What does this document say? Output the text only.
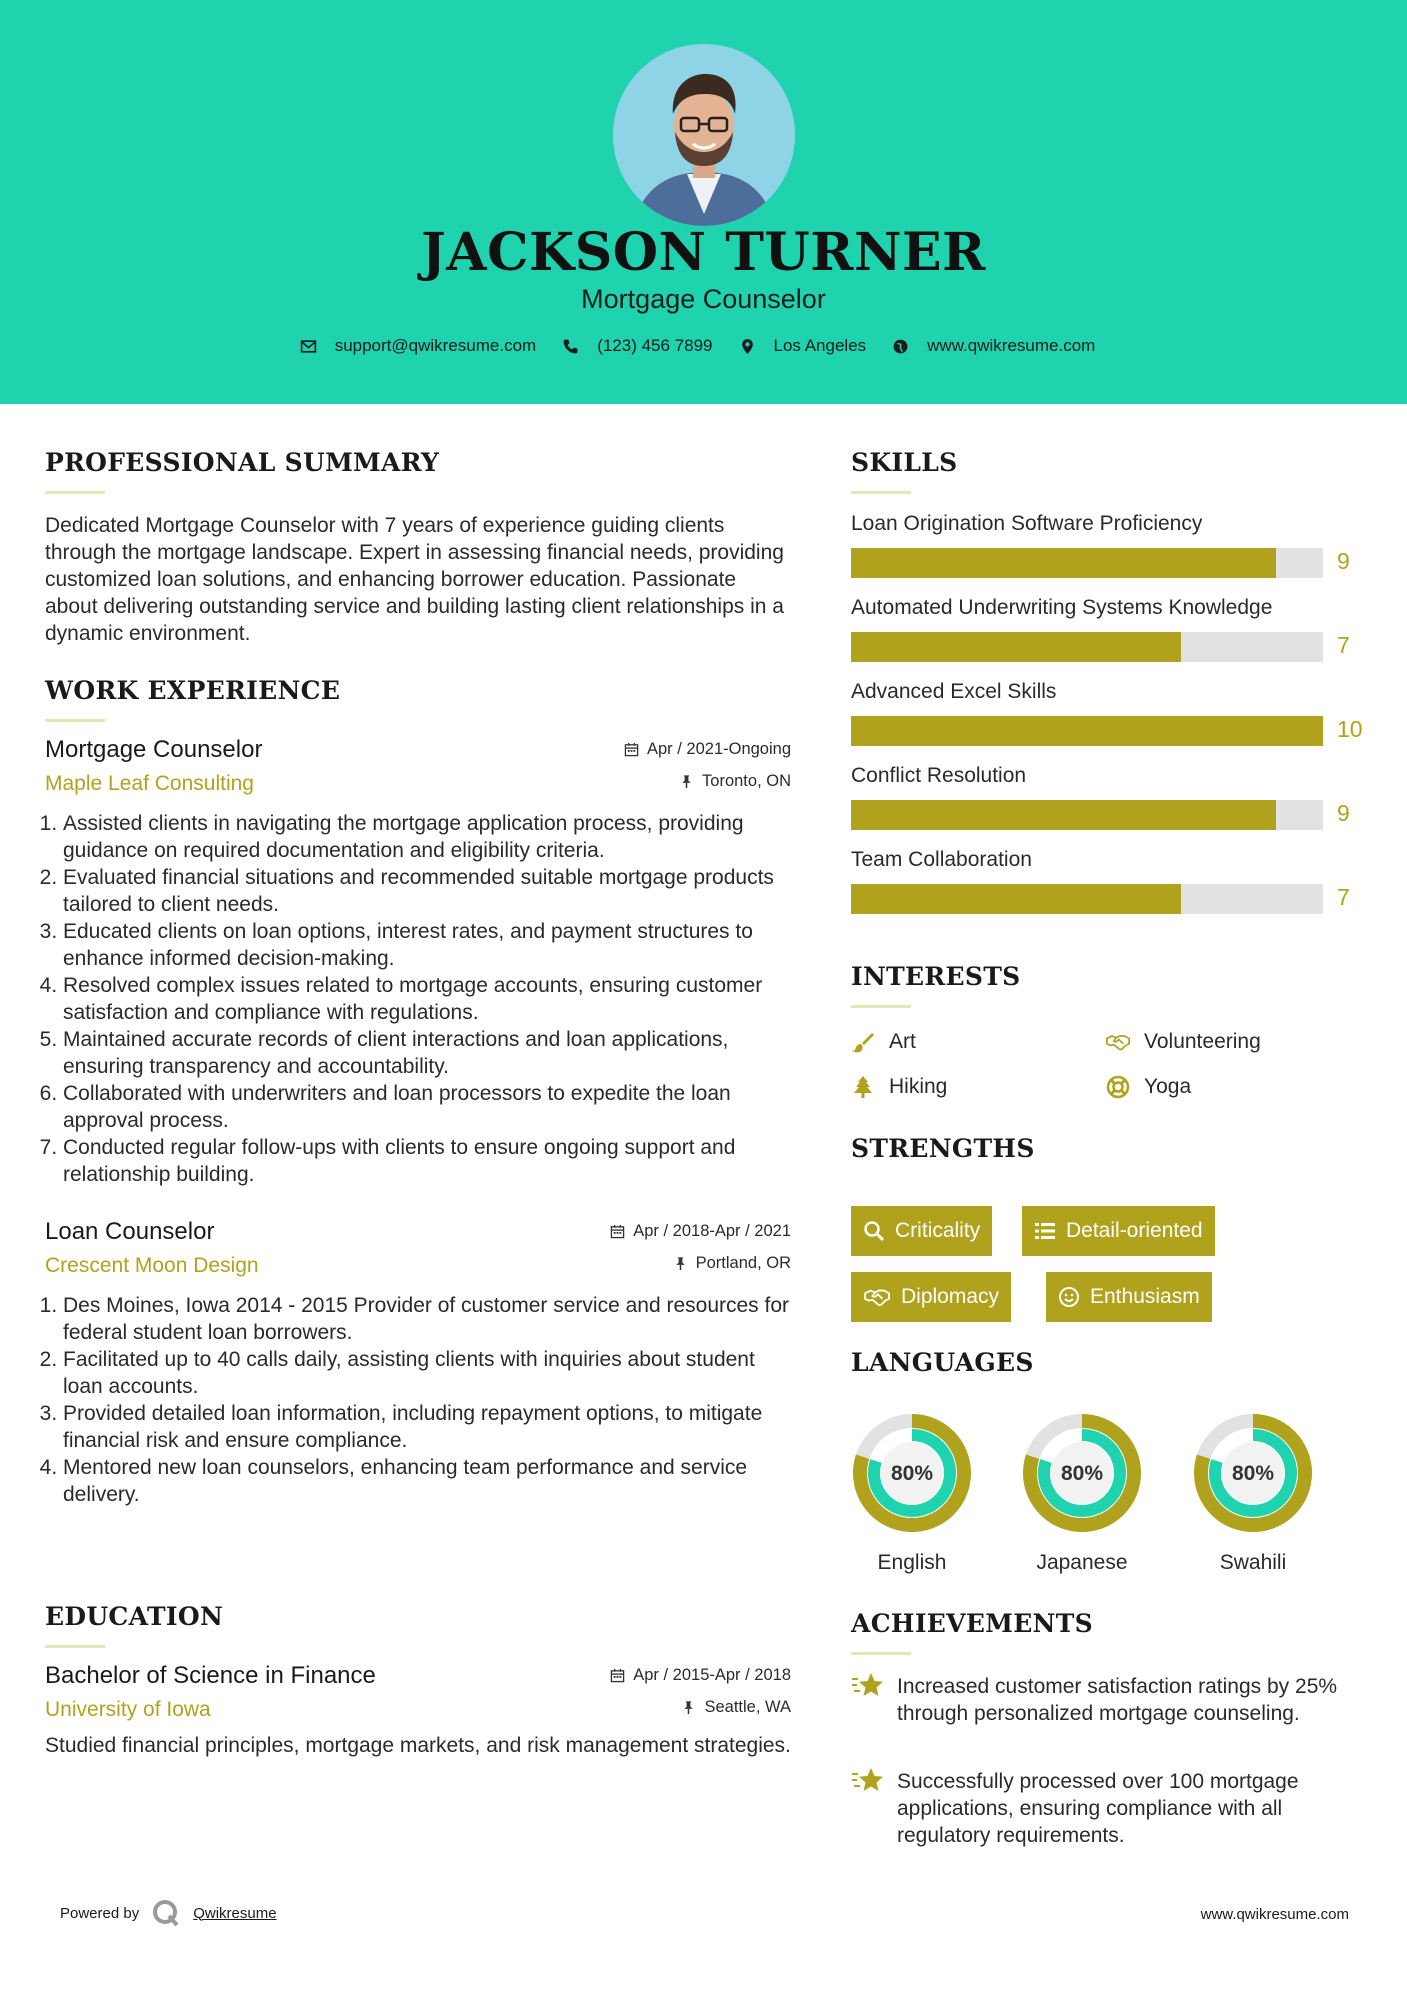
JACKSON TURNER
Mortgage Counselor
support@qwikresume.com	(123) 456 7899	Los Angeles	www.qwikresume.com
PROFESSIONAL SUMMARY
Dedicated Mortgage Counselor with 7 years of experience guiding clients through the mortgage landscape. Expert in assessing financial needs, providing customized loan solutions, and enhancing borrower education. Passionate about delivering outstanding service and building lasting client relationships in a dynamic environment.
WORK EXPERIENCE
Mortgage Counselor	Apr / 2021-Ongoing
Maple Leaf Consulting	Toronto, ON
1. Assisted clients in navigating the mortgage application process, providing guidance on required documentation and eligibility criteria.
2. Evaluated financial situations and recommended suitable mortgage products tailored to client needs.
3. Educated clients on loan options, interest rates, and payment structures to enhance informed decision-making.
4. Resolved complex issues related to mortgage accounts, ensuring customer satisfaction and compliance with regulations.
5. Maintained accurate records of client interactions and loan applications, ensuring transparency and accountability.
6. Collaborated with underwriters and loan processors to expedite the loan approval process.
7. Conducted regular follow-ups with clients to ensure ongoing support and relationship building.
Loan Counselor	Apr / 2018-Apr / 2021
Crescent Moon Design	Portland, OR
1. Des Moines, Iowa 2014 - 2015 Provider of customer service and resources for federal student loan borrowers.
2. Facilitated up to 40 calls daily, assisting clients with inquiries about student loan accounts.
3. Provided detailed loan information, including repayment options, to mitigate financial risk and ensure compliance.
4. Mentored new loan counselors, enhancing team performance and service delivery.
EDUCATION
Bachelor of Science in Finance	Apr / 2015-Apr / 2018
University of Iowa	Seattle, WA
Studied financial principles, mortgage markets, and risk management strategies.
SKILLS
Loan Origination Software Proficiency
9
Automated Underwriting Systems Knowledge
7
Advanced Excel Skills
10
Conflict Resolution
9
Team Collaboration
7
INTERESTS
Art	Volunteering
Hiking	Yoga
STRENGTHS
Criticality	Detail-oriented
Diplomacy	Enthusiasm
LANGUAGES
80%
English
80%
Japanese
80%
Swahili
ACHIEVEMENTS
Increased customer satisfaction ratings by 25% through personalized mortgage counseling.
Successfully processed over 100 mortgage applications, ensuring compliance with all regulatory requirements.
Powered by	Qwikresume	www.qwikresume.com
